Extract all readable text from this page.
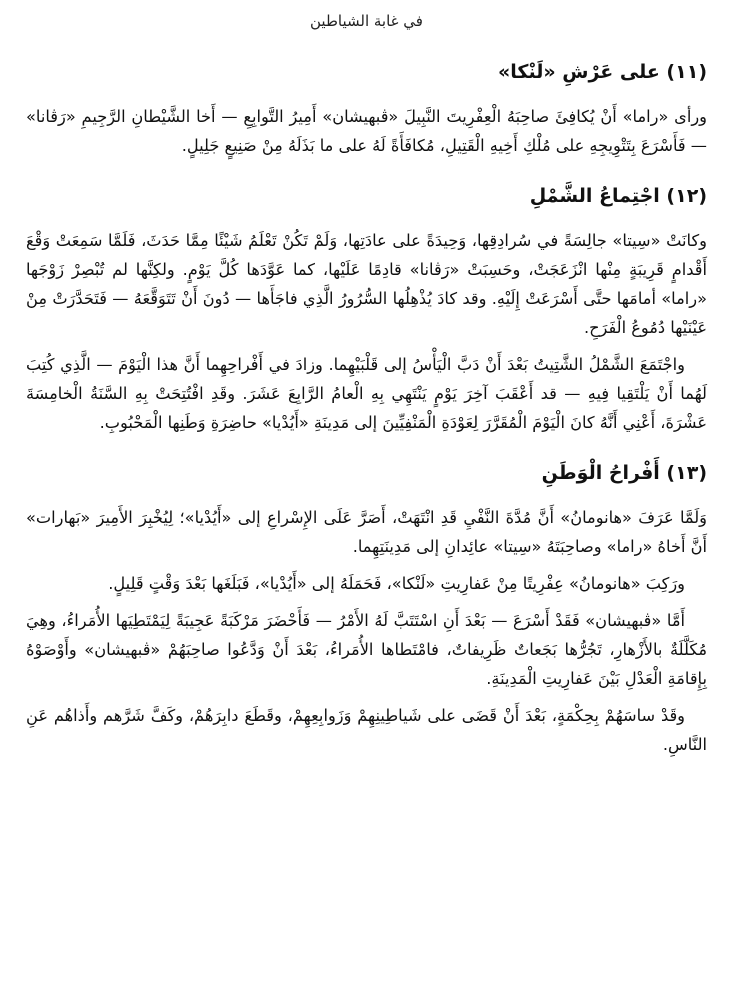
في غابة الشياطين
(١١) على عَرْشِ «لَنْكا»

ورأى «راما» أَنْ يُكافِئَ صاحِبَهُ الْعِفْرِيتَ النَّبِيلَ «ڤبهيشان» أَمِيرُ التَّوابِعِ — أَخا الشَّيْطانِ الرَّجِيمِ «رَڤانا» — فَأَسْرَعَ بِتَتْوِيجِهِ على مُلْكِ أَخِيهِ الْقَتِيلِ، مُكافَأَةً لَهُ على ما بَذَلَهُ مِنْ صَنِيعٍ جَلِيلٍ.

(١٢) اجْتِماعُ الشَّمْلِ

وكانَتْ «سِيتا» جالِسَةً في سُرادِقِها، وَحِيدَةً على عادَتِها، وَلَمْ تَكُنْ تَعْلَمُ شَيْئًا مِمَّا حَدَثَ، فَلَمَّا سَمِعَتْ وَقْعَ أَقْدامٍ قَرِيبَةٍ مِنْها انْزَعَجَتْ، وحَسِبَتْ «رَڤانا» قادِمًا عَلَيْها، كما عَوَّدَها كُلَّ يَوْمٍ. ولكِنَّها لم تُبْصِرْ زَوْجَها «راما» أمامَها حتَّى أَسْرَعَتْ إِلَيْهِ. وقد كادَ يُذْهِلُها السُّرُورُ الَّذِي فاجَأَها — دُونَ أَنْ تَتَوَقَّعَهُ — فَتَحَدَّرَتْ مِنْ عَيْنَيْها دُمُوعُ الْفَرَحِ.

واجْتَمَعَ الشَّمْلُ الشَّتِيتُ بَعْدَ أَنْ دَبَّ الْيَأْسُ إلى قَلْبَيْهِما. وزادَ في أَفْراحِهِما أَنَّ هذا الْيَوْمَ — الَّذِي كُتِبَ لَهُما أَنْ يَلْتَقِيا فِيهِ — قد أَعْقَبَ آخِرَ يَوْمٍ يَنْتَهِي بِهِ الْعامُ الرَّابِعَ عَشَرَ. وقَدِ افْتُتِحَتْ بِهِ السَّنَةُ الْخامِسَةَ عَشْرَةَ، أَعْنِي أَنَّهُ كانَ الْيَوْمَ الْمُقَرَّرَ لِعَوْدَةِ الْمَنْفِيِّينَ إلى مَدِينَةِ «أَيُدْيا» حاضِرَةِ وَطَنِها الْمَحْبُوبِ.

(١٣) أَفْراحُ الْوَطَنِ

وَلَمَّا عَرَفَ «هانومانُ» أَنَّ مُدَّةَ النَّفْيِ قَدِ انْتَهَتْ، أَصَرَّ عَلَى الإِسْراعِ إلى «أَيُدْيا»؛ لِيُخْبِرَ الأَمِيرَ «بَهارات» أَنَّ أَخاهُ «راما» وصاحِبَتَهُ «سِيتا» عائِدانِ إلى مَدِينَتِهِما.

ورَكِبَ «هانومانُ» عِفْرِيتًا مِنْ عَفارِيتِ «لَنْكا»، فَحَمَلَهُ إلى «أَيُدْيا»، فَبَلَغَها بَعْدَ وَقْتٍ قَلِيلٍ.

أَمَّا «ڤبهيشان» فَقَدْ أَسْرَعَ — بَعْدَ أَنِ اسْتَتَبَّ لَهُ الأَمْرُ — فَأَحْضَرَ مَرْكَبَةً عَجِيبَةً لِيَمْتَطِيَها الأُمَراءُ، وهِيَ مُكَلَّلَةٌ بالأَزْهارِ، تَجُرُّها بَجَعاتٌ ظَرِيفاتٌ، فامْتَطاها الأُمَراءُ، بَعْدَ أَنْ وَدَّعُوا صاحِبَهُمْ «ڤبهيشان» وأَوْصَوْهُ بِإِقامَةِ الْعَدْلِ بَيْنَ عَفارِيتِ الْمَدِينَةِ.

وقَدْ ساسَهُمْ بِحِكْمَةٍ، بَعْدَ أَنْ قَضَى على شَياطِينِهِمْ وَزَوابِعِهِمْ، وقَطَعَ دابِرَهُمْ، وكَفَّ شَرَّهم وأَذاهُم عَنِ النَّاسِ.
